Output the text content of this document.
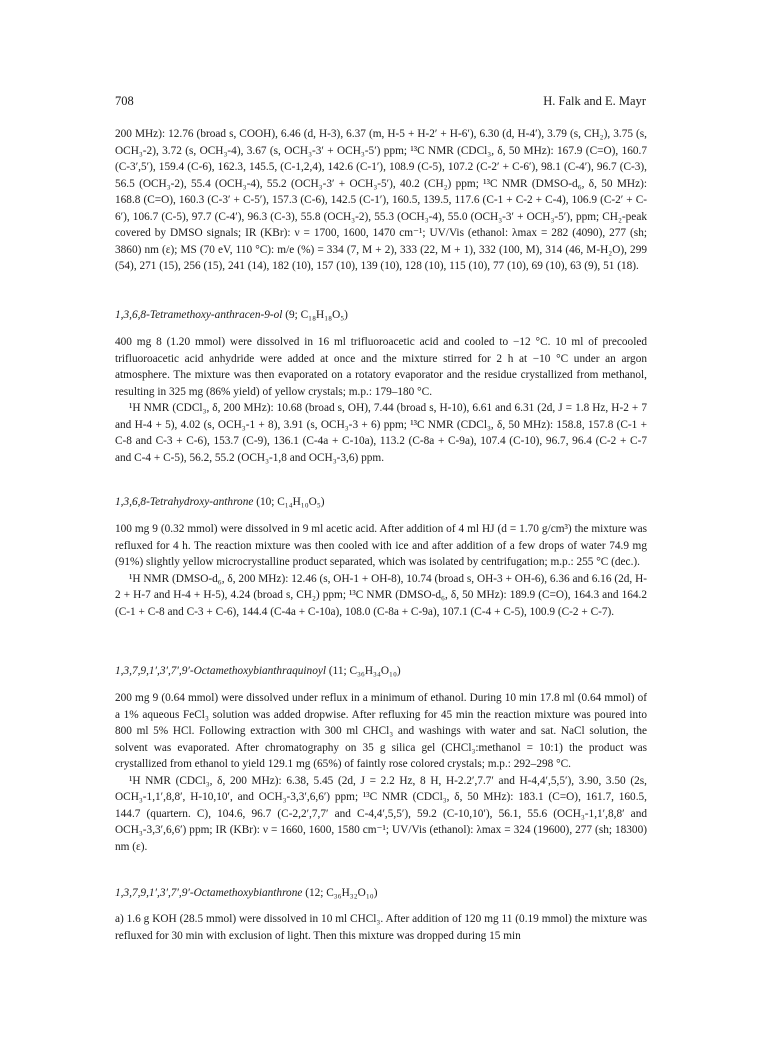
708	H. Falk and E. Mayr

200 MHz): 12.76 (broad s, COOH), 6.46 (d, H-3), 6.37 (m, H-5 + H-2′ + H-6′), 6.30 (d, H-4′), 3.79 (s, CH₂), 3.75 (s, OCH₃-2), 3.72 (s, OCH₃-4), 3.67 (s, OCH₃-3′ + OCH₃-5′) ppm; ¹³C NMR (CDCl₃, δ, 50 MHz): 167.9 (C=O), 160.7 (C-3′,5′), 159.4 (C-6), 162.3, 145.5, (C-1,2,4), 142.6 (C-1′), 108.9 (C-5), 107.2 (C-2′ + C-6′), 98.1 (C-4′), 96.7 (C-3), 56.5 (OCH₃-2), 55.4 (OCH₃-4), 55.2 (OCH₃-3′ + OCH₃-5′), 40.2 (CH₂) ppm; ¹³C NMR (DMSO-d₆, δ, 50 MHz): 168.8 (C=O), 160.3 (C-3′ + C-5′), 157.3 (C-6), 142.5 (C-1′), 160.5, 139.5, 117.6 (C-1 + C-2 + C-4), 106.9 (C-2′ + C-6′), 106.7 (C-5), 97.7 (C-4′), 96.3 (C-3), 55.8 (OCH₃-2), 55.3 (OCH₃-4), 55.0 (OCH₃-3′ + OCH₃-5′), ppm; CH₂-peak covered by DMSO signals; IR (KBr): ν = 1700, 1600, 1470 cm⁻¹; UV/Vis (ethanol: λmax = 282 (4090), 277 (sh; 3860) nm (ε); MS (70 eV, 110 °C): m/e (%) = 334 (7, M + 2), 333 (22, M + 1), 332 (100, M), 314 (46, M-H₂O), 299 (54), 271 (15), 256 (15), 241 (14), 182 (10), 157 (10), 139 (10), 128 (10), 115 (10), 77 (10), 69 (10), 63 (9), 51 (18).

1,3,6,8-Tetramethoxy-anthracen-9-ol (9; C₁₈H₁₈O₅)

400 mg 8 (1.20 mmol) were dissolved in 16 ml trifluoroacetic acid and cooled to −12 °C. 10 ml of precooled trifluoroacetic acid anhydride were added at once and the mixture stirred for 2 h at −10 °C under an argon atmosphere. The mixture was then evaporated on a rotatory evaporator and the residue crystallized from methanol, resulting in 325 mg (86% yield) of yellow crystals; m.p.: 179–180 °C.

¹H NMR (CDCl₃, δ, 200 MHz): 10.68 (broad s, OH), 7.44 (broad s, H-10), 6.61 and 6.31 (2d, J = 1.8 Hz, H-2 + 7 and H-4 + 5), 4.02 (s, OCH₃-1 + 8), 3.91 (s, OCH₃-3 + 6) ppm; ¹³C NMR (CDCl₃, δ, 50 MHz): 158.8, 157.8 (C-1 + C-8 and C-3 + C-6), 153.7 (C-9), 136.1 (C-4a + C-10a), 113.2 (C-8a + C-9a), 107.4 (C-10), 96.7, 96.4 (C-2 + C-7 and C-4 + C-5), 56.2, 55.2 (OCH₃-1,8 and OCH₃-3,6) ppm.

1,3,6,8-Tetrahydroxy-anthrone (10; C₁₄H₁₀O₅)

100 mg 9 (0.32 mmol) were dissolved in 9 ml acetic acid. After addition of 4 ml HJ (d = 1.70 g/cm³) the mixture was refluxed for 4 h. The reaction mixture was then cooled with ice and after addition of a few drops of water 74.9 mg (91%) slightly yellow microcrystalline product separated, which was isolated by centrifugation; m.p.: 255 °C (dec.).

¹H NMR (DMSO-d₆, δ, 200 MHz): 12.46 (s, OH-1 + OH-8), 10.74 (broad s, OH-3 + OH-6), 6.36 and 6.16 (2d, H-2 + H-7 and H-4 + H-5), 4.24 (broad s, CH₂) ppm; ¹³C NMR (DMSO-d₆, δ, 50 MHz): 189.9 (C=O), 164.3 and 164.2 (C-1 + C-8 and C-3 + C-6), 144.4 (C-4a + C-10a), 108.0 (C-8a + C-9a), 107.1 (C-4 + C-5), 100.9 (C-2 + C-7).

1,3,7,9,1′,3′,7′,9′-Octamethoxybianthraquinoyl (11; C₃₆H₃₄O₁₀)

200 mg 9 (0.64 mmol) were dissolved under reflux in a minimum of ethanol. During 10 min 17.8 ml (0.64 mmol) of a 1% aqueous FeCl₃ solution was added dropwise. After refluxing for 45 min the reaction mixture was poured into 800 ml 5% HCl. Following extraction with 300 ml CHCl₃ and washings with water and sat. NaCl solution, the solvent was evaporated. After chromatography on 35 g silica gel (CHCl₃:methanol = 10:1) the product was crystallized from ethanol to yield 129.1 mg (65%) of faintly rose colored crystals; m.p.: 292–298 °C.

¹H NMR (CDCl₃, δ, 200 MHz): 6.38, 5.45 (2d, J = 2.2 Hz, 8 H, H-2.2′,7.7′ and H-4,4′,5,5′), 3.90, 3.50 (2s, OCH₃-1,1′,8,8′, H-10,10′, and OCH₃-3,3′,6,6′) ppm; ¹³C NMR (CDCl₃, δ, 50 MHz): 183.1 (C=O), 161.7, 160.5, 144.7 (quartern. C), 104.6, 96.7 (C-2,2′,7,7′ and C-4,4′,5,5′), 59.2 (C-10,10′), 56.1, 55.6 (OCH₃-1,1′,8,8′ and OCH₃-3,3′,6,6′) ppm; IR (KBr): ν = 1660, 1600, 1580 cm⁻¹; UV/Vis (ethanol): λmax = 324 (19600), 277 (sh; 18300) nm (ε).

1,3,7,9,1′,3′,7′,9′-Octamethoxybianthrone (12; C₃₆H₃₂O₁₀)

a) 1.6 g KOH (28.5 mmol) were dissolved in 10 ml CHCl₃. After addition of 120 mg 11 (0.19 mmol) the mixture was refluxed for 30 min with exclusion of light. Then this mixture was dropped during 15 min
